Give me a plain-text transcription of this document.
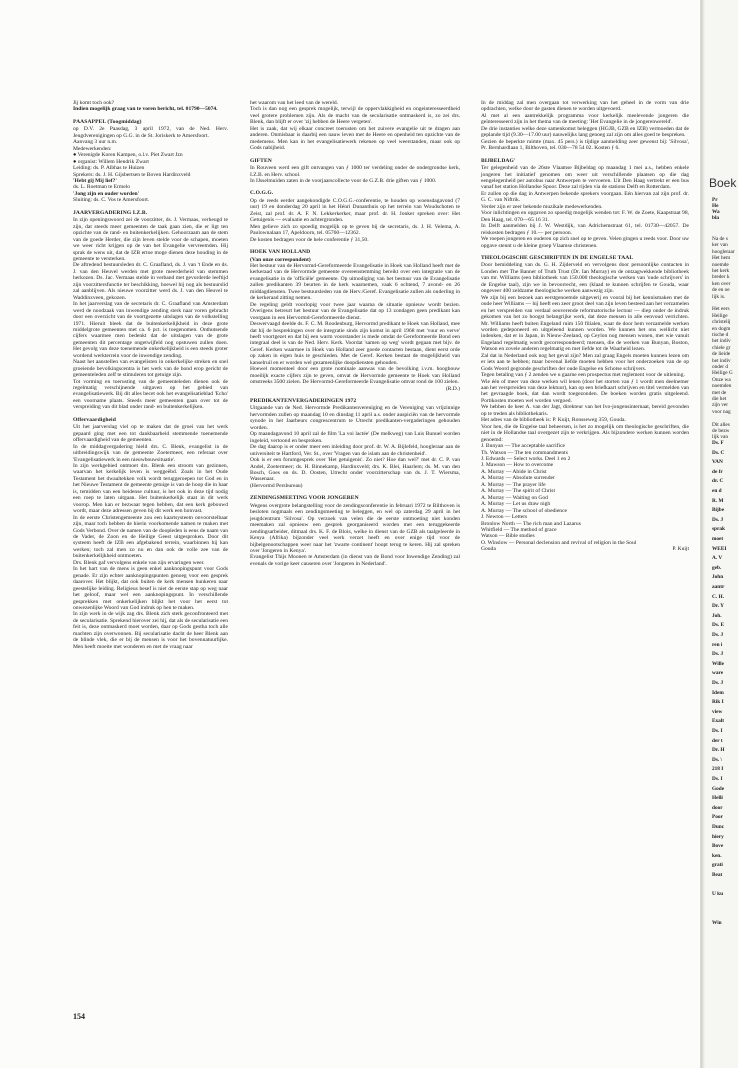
Jij komt toch ook?

Indien mogelijk graag van te voren bericht, tel. 01790—5074.

PAASAPPEL (Toogmiddag)

op D.V. 2e Paasdag, 3 april 1972, van de Ned. Herv. Jeugdverenigingen op G.G. in de St. Joriskerk te Amersfoort.

Aanvang 3 uur n.m.

Medewerkenden:

● Verenigde Koren Kampen, o.l.v. Piet Zwart Jzn

● organist: Willem Hendrik Zwart

Leiding: ds. P. Albhas te Huizen

Sprekers: ds. J. H. Gijsbertsen te Boven Hardinxveld

'Hebt gij Mij lief?'

ds. L. Roetman te Ermelo

'Jong zijn en ouder worden'

Sluiting: ds. C. Vos te Amersfoort.

JAARVERGADERING I.Z.B.

In zijn openingswoord zei de voorzitter, ds. J. Vermaas, verheugd te zijn, dat steeds meer gemeenten de taak gaan zien, die er ligt ten opzichte van de rand- en buitenkerkelijken. Gehoorzaam aan de stem van de goede Herder, die zijn leven stelde voor de schapen, moeten we weer richt krijgen op de van het Evangelie vervreemden. Hij sprak de wens uit, dat de IZB ertoe moge dienen deze houding in de gemeente te versterken.

De aftredend bestuursleden dr. C. Graafland, ds. J. van 't Ende en ds. J. van den Heuvel werden met grote meerderheid van stemmen herkozen. Ds. Jac. Vermaas stelde in verband met gevorderde leeftijd zijn voorzittersfunctie ter beschikking, hoewel hij nog als bestuurslid zal aanblijven. Als nieuwe voorzitter werd ds. J. van den Heuvel te Waddinxveen, gekozen.

In het jaarverslag van de secretaris dr. C. Graafland van Amsterdam werd de noodzaak van inwendige zending sterk naar voren gebracht door een overzicht van de voortgezette uitslagen van de volkstelling 1971. Hieruit bleek dat de buitenkerkelijkheid in deze grote middelgrote gemeenten met ca. 6 pct. is toegenomen. Onthutsende cijfers waarmee men bedenkt dat de uitslagen van de grote gemeenten dit percentage ongetwijfeld nog opstuwen zullen doen. Het gevolg van deze toenemende onkerkelijkheid is een steeds groter wordend werkterrein voor de inwendige zending.

Naast het aanstellen van evangelisten in onkerkelijke streken en snel groeiende bevolkingscentra is het werk van de bond erop gericht de gemeenteleden zelf te stimuleren tot getuige zijn.

Tot vorming en toerusting van de gemeenteleden dienen ook de regelmatig verschijnende uitgaven op het gebied van evangelisatiewerk. Bij dit alles becet ook het evangelisatieblad 'Echo' een voorname plaats. Steeds meer gemeenten gaan over tot de verspreiding van dit blad onder rand- en buitenkerkelijken.

Offervaardigheid

Uit het jaarverslag viel op te maken dat de groei van het werk gepaard ging met een tot dankbaarheid stemmende toenemende offervaardigheid van de gemeenten.

In de middagvergadering hield drs. C. Blenk, evangelist in de uitbreidingswijk van de gemeente Zoetermeer, een referaat over 'Evangelisatiewerk in een nieuwbouwsituatie'.

In zijn werkgebied ontmoet drs. Blenk een stroom van gezinnen, waarvan het kerkelijk leven is weggeëbd. Zoals in het Oude Testament het dwaaltekken volk wordt teruggeroepen tot God en in het Nieuwe Testament de gemeente getuige is van de hoop die in haar is, temidden van een heidense cultuur, is het ook in deze tijd nodig een roep te laten uitgaan. Het buitenkerkelijk staat in dit werk voorop. Men kan er bezwaar tegen hebben, dat een kerk gebouwd wordt, maar deze adressen geven bij dit werk een honvast.

In de eerste Christengemeente zou een kaartsysteem onvoorstelbaar zijn, maar toch hebben de hierin voorkomende namen te maken met Gods Verbond. Over de namen van de doopleden is eens de naam van de Vader, de Zoon en de Heilige Geest uitgesproken. Door dit systeem heeft de IZB een afgebakend terrein, waarbinnen hij kan werken; toch zal men zo nu en dan ook de volle zee van de buitenkerkelijkheid ontmoeten.

Drs. Blenk gaf vervolgens enkele van zijn ervaringen weer.

In het hart van de mens is geen enkel aanknopingspunt voor Gods genade. Er zijn echter aanknopingspunten genoeg voor een gesprek daarover. Het blijkt, dat ook buiten de kerk mensen hunkeren naar geestelijke leiding. Religieus besef is niet de eerste stap op weg naar het geloof, maar wel een aanknopingspunt. In verschillende gesprekken met onkerkelijken blijkt het voor het eerst tot onwezenlijke Woord van God indruk op hen te maken.

In zijn werk in de wijk zag drs. Blenk zich sterk geconfronteerd met de secularisatie. Sprekend hierover zei hij, dat als de secularisatie een feit is, deze ontmaskerd moet worden, daar op Gods gestha toch alle machten zijn overwonnen. Bij secularisatie dacht de heer Blenk aan de blinde vlek, die er bij de mensen is voor het bovennatuurlijke. Men heeft moeite met wonderen en met de vraag naar

het waarom van het leed van de wereld.

Toch is dan nog een gesprek mogelijk, terwijl de oppervlakkigheid en ongeinteresseerdheid veel grotere problemen zijn. Als de macht van de secularisatie ontmaskerd is, zo zei drs. Blenk, dan blijft er over 'zij hebben de Heere vergeten'.

Het is zaak, dat wij elkaar concreet toerusten om het zuivere evangelie uit te dragen aan anderen. Onmisbaar is daarbij een nauw leven met de Heere en openheid ten opzichte van de medemens. Men kan in het evangelisatiewerk rekenen op veel weerstanden, maar ook op Gods nabijheid.

GIFTEN

In Rouveen werd een gift ontvangen van ƒ 1000 ter verdeling onder de ondergrondse kerk, I.Z.B. en Herv. school.

In IJsselmuiden zaten in de voorjaarscollecte voor de G.Z.B. drie giften van ƒ 1000.

C.O.G.G.

Op de reeds eerder aangekondigde C.O.G.G.-conferentie, te houden op woensdagavond (7 uur) 19 en donderdag 20 april in het Hénri Dunanthuis op het terrein van Woudschoten te Zeist, zal prof. dr. A. F. N. Lekkerkerker, maar prof. dr. H. Jonker spreken over: Het Getuigenis — evaluatie en achtergronden.

Men gelieve zich zo spoedig mogelijk op te geven bij de secretaris, ds. J. H. Velema, A. Paulownalaan 17, Apeldoorn, tel. 05760—12362.

De kosten bedragen voor de hele conferentie ƒ 31,50.

HOEK VAN HOLLAND

(Van onze correspondent)

Het bestuur van de Hervormd-Gereformeerde Evangelisatie in Hoek van Holland heeft met de kerkeraad van de Hervormde gemeente overeenstemming bereikt over een integratie van de evangelisatie in de 'officiële' gemeente. Op uitnodiging van het bestuur van de Evangelisatie zullen predikanten 39 beurten in de kerk waarnemen, vaak 6 ochtend, 7 avond- en 26 middagdiensten. Twee bestuursleden van de Herv./Geref. Evangelisatie zullen als ouderling in de kerkeraad zitting nemen.

De regeling geldt voorlopig voor twee jaar waarna de situatie opnieuw wordt bezien. Overigens betreurt het bestuur van de Evangelisatie dat op 13 zondagen geen predikant kan voorgaan in een Hervormd-Gereformeerde dienst.

Deswervaagd deelde ds. F. C. M. Roodenburg, Hervormd predikant te Hoek van Holland, mee dat hij de besprekingen over de integratie sinds zijn komst in april 1968 met 'vuur en verve' heeft voortgezet en dat hij een warm voorstander is mede omdat de Gereformeerde Bond een integraal deel is van de Ned. Herv. Kerk. Voordat 'samen op weg' wordt gegaan met bijv. de Geref. Kerken waarmee in Hoek van Holland zeer goede contacten bestaan, dient eerst orde op zaken in eigen huis te geschieden. Met de Geref. Kerken bestaat de mogelijkheid van kanselruil en er worden wel gezamenlijke doopdiensten gehouden.

Hoewel momenteel door een grote nominale aanwas van de bevolking i.v.m. hoogbouw moeilijk exacte cijfers zijn te geven, omvat de Hervormde gemeente te Hoek van Holland omstreeks 3500 zielen. De Hervormd-Gereformeerde Evangelisatie omvat rond de 100 zielen.

(R.D.)

PREDIKANTENVERGADERINGEN 1972

Uitgaande van de Ned. Hervormde Predikantenvereniging en de Vereniging van vrijzinnige hervormden zullen op maandag 10 en dinsdag 11 april a.s. onder auspiciën van de hervormde synode in het Jaarbeurs congrescentrum te Utrecht predikanten-vergaderingen gehouden worden.

Op maandagavond 10 april zal de film 'La voi lactée' (De melkweg) van Luis Bunuel worden ingeleid, vertoond en besproken.

De dag daarop is er onder meer een inleiding door prof. dr. W. A. Bijlefeld, hoogleraar aan de universiteit te Hartford, Ver. St., over 'Vragen van de islam aan de christenheid'.

Ook is er een forumgesprek over 'Het getuigenis'. Zo niet? Hoe dan wel?' met dr. C. P. van Andel, Zoetermeer; ds. H. Binnekamp, Hardinxveld; drs. K. Blei, Haarlem; ds. M. van den Bosch, Goes en ds. D. Oosten, Utrecht onder voorzitterschap van ds. J. T. Wiersma, Wassenaar.

(Hervormd Persbureau)

ZENDINGSMEETING VOOR JONGEREN

Wegens overgrote belangstelling voor de zendingsconferentie in februari 1972 te Bilthoven is besloten nogmaals een zendingsmeeting te beleggen, en wel op zaterdag 29 april in het jeugdcentrum 'Silvosa'. Op verzoek van velen die de eerste ontmoeting niet konden meemaken zal opnieuw een gesprek georganiseerd worden met een teruggekeerde zendingsarbeider, ditmaal drs. K. F. de Blois, welke in dienst van de GZB als taalgeleerde in Kenya (Afrika) bijzonder veel werk verzet heeft en over enige tijd voor de bijbelgenootschappen weer naar het 'zwarte continent' hoopt terug te keren. Hij zal spreken over 'Jongeren in Kenya'.

Evangelist Thijs Moonen te Amsterdam (in dienst van de Bond voor Inwendige Zending) zal evenals de vorige keer causeren over 'Jongeren in Nederland'.

In de middag zal men overgaan tot verwerking van het geheel in de vorm van drie opdrachten, welke door de gasten dienen te worden uitgevoerd.

Al met al een aantrekkelijk programma voor kerkelijk meelevende jongeren die geïnteresseerd zijn in het thema van de meeting: 'Het Evangelie in de jongerenwereld'.

De drie instanties welke deze samenkomst beleggen (HGJB, GZB en IZB) vermoeden dat de geplande tijd (9.30—17.00 uur) nauwelijks lang genoeg zal zijn om alles goed te bespreken.

Gezien de beperkte ruimte (max. 45 pers.) is tijdige aanmelding zeer gewenst bij: 'Silvosa', Pr. Bernhardlaan 1, Bilthoven, tel. 030—78 54 02. Kosten ƒ 6.

BIJBELDAG'

Ter gelegenheid van de 26ste Vlaamse Bijbeldag op maandag 1 mei a.s., hebben enkele jongeren het initiatief genomen om weer uit verschillende plaatsen op die dag eengelegenheid per autobus naar Antwerpen te vervoeren. Uit Den Haag vertrekt er een bus vanaf het station Hollandse Spoor. Deze zal rijden via de stations Delft en Rotterdam.

Er zullen op die dag in Antwerpen bekende sprekers voorgaan. Eén hiervan zal zijn prof. dr. G. C. van Niftrik.

Verder zijn er zeer bekende muzikale medewerkenden.

Voor inlichtingen en opgaven zo spoedig mogelijk wenden tot: F. W. de Zoete, Kaapstraat 98, Den Haag, tel. 070—65 16 31.

In Delft aanmelden bij J. W. Westdijk, van Adrichemstraat 61, tel. 01730—42057. De reiskosten bedragen ƒ 10.— per persoon.

We roepen jongeren en ouderen op zich snel op te geven. Velen gingen u reeds voor. Door uw opgave steunt u de kleine groep Vlaamse christenen.

THEOLOGISCHE GESCHRIFTEN IN DE ENGELSE TAAL

Door bemiddeling van ds. G. H. Zijderveld en vervolgens door persoonlijke contacten in Londen met The Banner of Truth Trust (Dr. Ian Murray) en de ontzagwekkende bibliotheek van mr. Williams (een bibliotheek van 150.000 theologische werken van 'oude schrijvers' in de Engelse taal), zijn we in bevoorrecht, een (klaad te kunnen schrijfen te Gouda, waar ongeveer 400 zeldzame theologische werken aanwezig zijn.

We zijn bij een bezoek aan eerstgenoemde uitgeverij en vooral bij het kennismaken met de oude heer Williams — hij heeft een zeer groot deel van zijn leven besteed aan het verzamelen en het verspreiden van verdaal oeuverende reformatorische lectuur — diep onder de indruk gekomen van het zo hoogst belangrijke werk, dat deze mensen in alle eenvoud verrichten. Mr. Williams heeft buiten Engeland ruim 150 filialen, waar de door hem verzamelde werken worden gedeponeerd en uitgeleend kunnen worden. We kunnen het ons wellicht niet indenken, dat er in Japan, in Nieuw-Zeeland, op Ceylon nog mensen wonen, met wie vanuit Engeland regelmatig wordt gecorrespondeerd; mensen, die de werken van Bunyan, Boston, Watson en zovele anderen regelmatig en met liefde tot de Waarheid lezen.

Zal dat in Nederland ook nog het geval zijn? Men zal graag Engels moeten kunnen lezen om er iets aan te hebben; maar bovenal liefde moeten hebben voor het onderzoeken van de op Gods Woord gegronde geschriften der oude Engelse en Schotse schrijvers.

Tegen betaling van ƒ 2 zenden we u gaarne een prospectus met reglement voor de uitlening.

Wie één of meer van deze werken wil lenen (door het storten van ƒ 1 wordt men deelnemer aan het versprreiden van deze lektuur), kan op een briefkaart schrijven en titel vermelden van het gevraagde boek, dat dan wordt toegezonden. De boeken worden gratis uitgeleend. Portikosten moeten wel worden vergoed.

We hebben de heer A. van der Jagt, direkteur van het Ivo-jongensinternaat, bereid gevonden op te treden als bibliothekaris.

Het adres van de bibliotheek is: P. Kuijt, Ronsseweg 359, Gouda.

Voor hen, die de Engelse taal beheersen, is het zo mogelijk om theologische geschriften, die niet in de Hollandse taal overgezet zijn te verkrijgen. Als bijzondere werken kunnen worden genoemd:

J. Bunyan — The acceptable sacrifice

Th. Watson — The ten commandments

J. Edwards — Select works. Deel 1 en 2

J. Mawson — How to overcome

A. Murray — Abide in Christ

A. Murray — Absolute surrender

A. Murray — The prayer life

A. Murray — The spirit of Christ

A. Murray — Waiting on God

A. Murray — Let us draw nigh

A. Murray — The school of obedience

J. Newton — Letters

Bronlow North — The rich man and Lazarus

Whitfield — The method of grace

Watson — Bible studies

O. Winslow — Personal declension and revival of religion in the Soul

Gouda	P. Kuijt

154
Boek
Pr
He
Wa
bla
Na de s
ker van
hoogleraar
Het hem
noemde
het kerk
breder k
ken over
de en oe
lijk is.
Het eers
Heilige
christelij
en dogm
tische d
het indiv
chiele gr
de lieide
het indiv
onder d
Heilige G
Onze wa
noemden
met de
die het
zijn ver
voor nag
Dit alles
de bezw
lijk van
Ds. F
Ds. C
VAN
de fr
dr. C
en d
R. M
Bijbe
Ds. J
sprak
moet
WEEI
A. V
geb.
John
aantr
C. H.
Dr. Y
Joh.
Ds. E
Ds. J
ren i
Ds. J
Wille
ware
Ds. J
Idem
Rik I
view
Exalt
Ds. I
der t
Dr. H
Ds. \
218 I
Ds. I
Gode
Helli
door
Poor
Dunc
hiery
Bove
ken.
grati
Beat
U ku
Win
